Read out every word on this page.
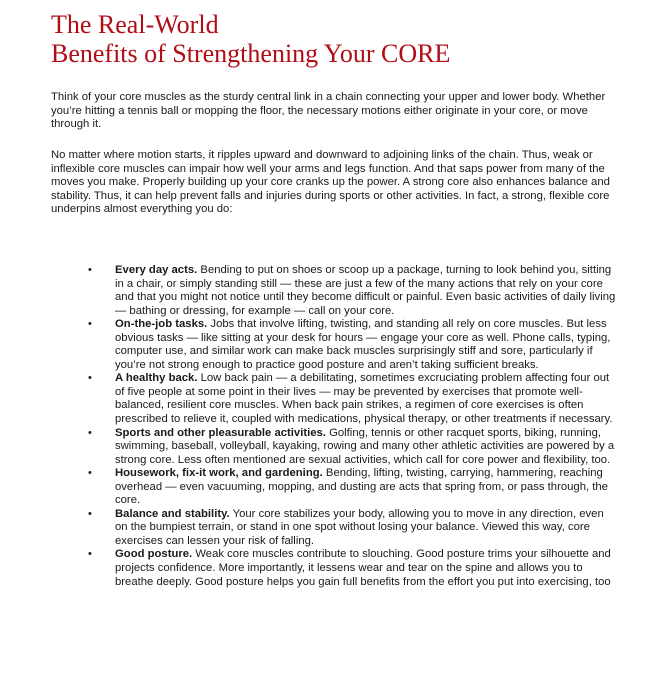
The Real-World
Benefits of Strengthening Your CORE

Think of your core muscles as the sturdy central link in a chain connecting your upper and lower body. Whether you’re hitting a tennis ball or mopping the floor, the necessary motions either originate in your core, or move through it.

No matter where motion starts, it ripples upward and downward to adjoining links of the chain. Thus, weak or inflexible core muscles can impair how well your arms and legs function. And that saps power from many of the moves you make. Properly building up your core cranks up the power. A strong core also enhances balance and stability. Thus, it can help prevent falls and injuries during sports or other activities. In fact, a strong, flexible core underpins almost everything you do:

• Every day acts. Bending to put on shoes or scoop up a package, turning to look behind you, sitting in a chair, or simply standing still — these are just a few of the many actions that rely on your core and that you might not notice until they become difficult or painful. Even basic activities of daily living — bathing or dressing, for example — call on your core.
• On-the-job tasks. Jobs that involve lifting, twisting, and standing all rely on core muscles. But less obvious tasks — like sitting at your desk for hours — engage your core as well. Phone calls, typing, computer use, and similar work can make back muscles surprisingly stiff and sore, particularly if you’re not strong enough to practice good posture and aren’t taking sufficient breaks.
• A healthy back. Low back pain — a debilitating, sometimes excruciating problem affecting four out of five people at some point in their lives — may be prevented by exercises that promote well-balanced, resilient core muscles. When back pain strikes, a regimen of core exercises is often prescribed to relieve it, coupled with medications, physical therapy, or other treatments if necessary.
• Sports and other pleasurable activities. Golfing, tennis or other racquet sports, biking, running, swimming, baseball, volleyball, kayaking, rowing and many other athletic activities are powered by a strong core. Less often mentioned are sexual activities, which call for core power and flexibility, too.
• Housework, fix-it work, and gardening. Bending, lifting, twisting, carrying, hammering, reaching overhead — even vacuuming, mopping, and dusting are acts that spring from, or pass through, the core.
• Balance and stability. Your core stabilizes your body, allowing you to move in any direction, even on the bumpiest terrain, or stand in one spot without losing your balance. Viewed this way, core exercises can lessen your risk of falling.
• Good posture. Weak core muscles contribute to slouching. Good posture trims your silhouette and projects confidence. More importantly, it lessens wear and tear on the spine and allows you to breathe deeply. Good posture helps you gain full benefits from the effort you put into exercising, too
